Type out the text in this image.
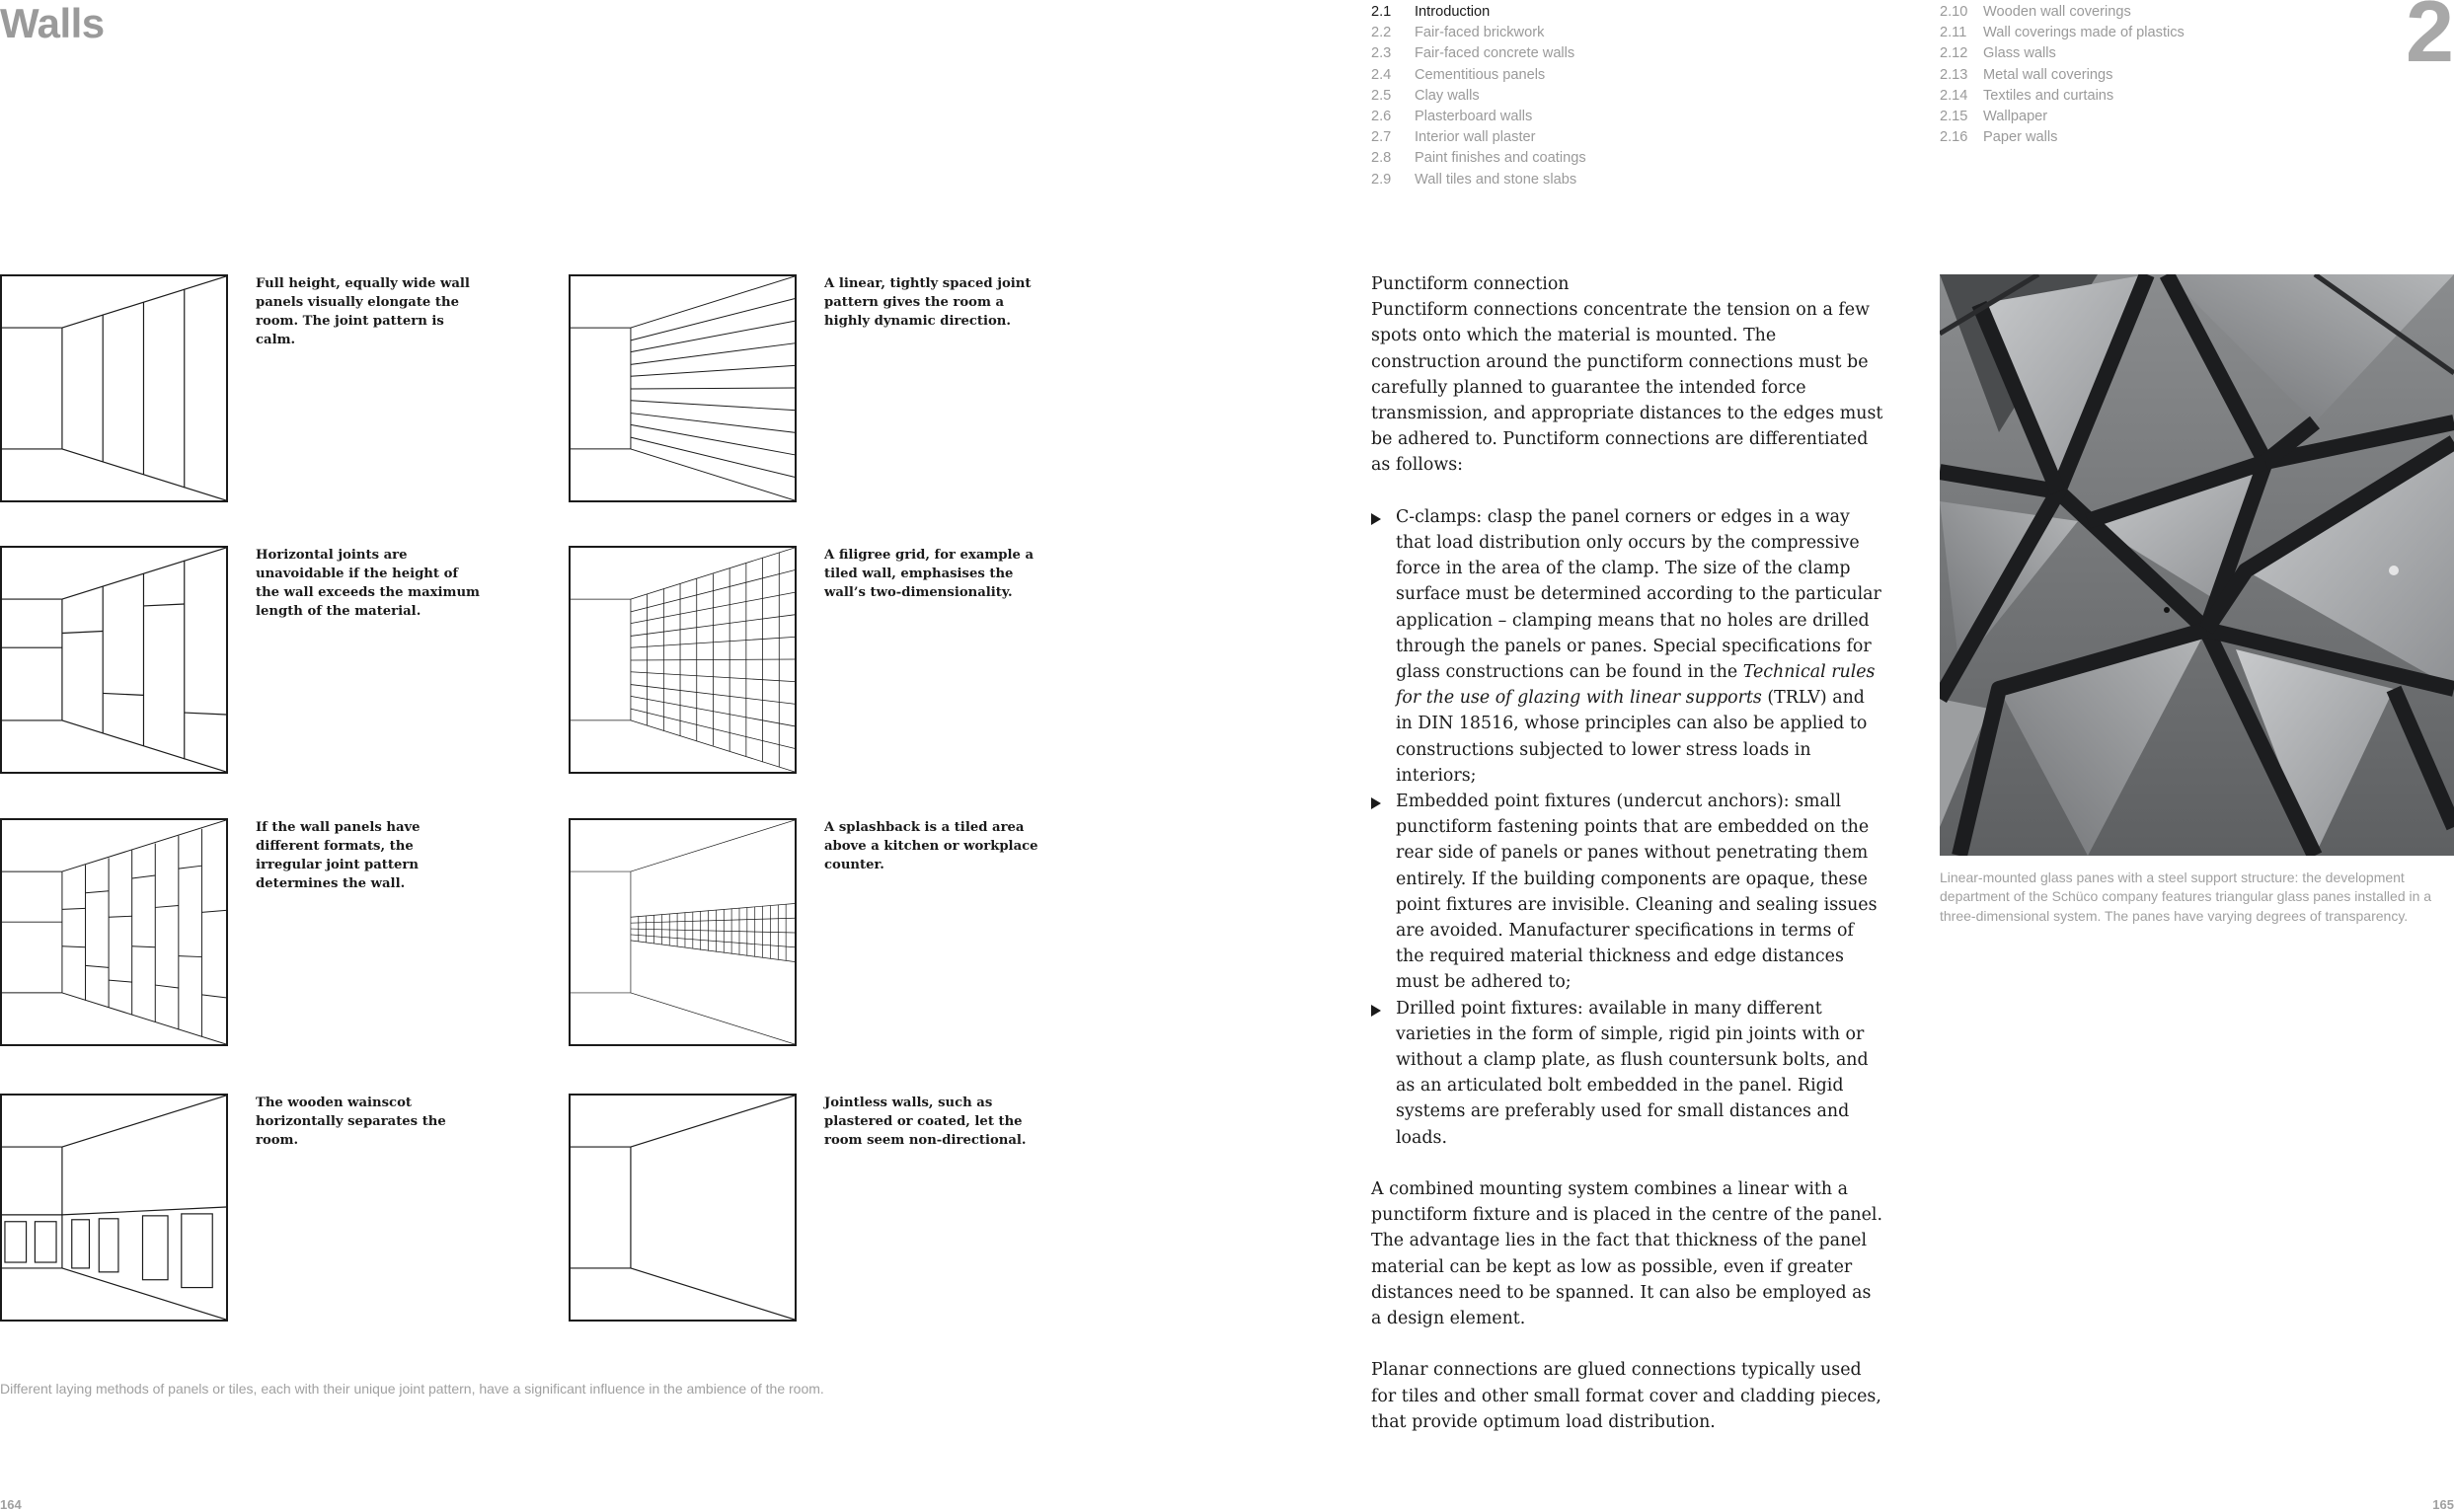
Walls	2
2.1	Introduction
2.2	Fair-faced brickwork
2.3	Fair-faced concrete walls
2.4	Cementitious panels
2.5	Clay walls
2.6	Plasterboard walls
2.7	Interior wall plaster
2.8	Paint finishes and coatings
2.9	Wall tiles and stone slabs
2.10	Wooden wall coverings
2.11	Wall coverings made of plastics
2.12	Glass walls
2.13	Metal wall coverings
2.14	Textiles and curtains
2.15	Wallpaper
2.16	Paper walls
Full height, equally wide wall panels visually elongate the room. The joint pattern is calm.
A linear, tightly spaced joint pattern gives the room a highly dynamic direction.
Horizontal joints are unavoidable if the height of the wall exceeds the maximum length of the material.
A filigree grid, for example a tiled wall, emphasises the wall’s two-dimensionality.
If the wall panels have different formats, the irregular joint pattern determines the wall.
A splashback is a tiled area above a kitchen or workplace counter.
The wooden wainscot horizontally separates the room.
Jointless walls, such as plastered or coated, let the room seem non-directional.
Different laying methods of panels or tiles, each with their unique joint pattern, have a significant influence in the ambience of the room.

Punctiform connection

Punctiform connections concentrate the tension on a few spots onto which the material is mounted. The construction around the punctiform connections must be carefully planned to guarantee the intended force transmission, and appropriate distances to the edges must be adhered to. Punctiform connections are differentiated as follows:

C-clamps: clasp the panel corners or edges in a way that load distribution only occurs by the compressive force in the area of the clamp. The size of the clamp surface must be determined according to the particular application – clamping means that no holes are drilled through the panels or panes. Special specifications for glass constructions can be found in the Technical rules for the use of glazing with linear supports (TRLV) and in DIN 18516, whose principles can also be applied to constructions subjected to lower stress loads in interiors;
Embedded point fixtures (undercut anchors): small punctiform fastening points that are embedded on the rear side of panels or panes without penetrating them entirely. If the building components are opaque, these point fixtures are invisible. Cleaning and sealing issues are avoided. Manufacturer specifications in terms of the required material thickness and edge distances must be adhered to;
Drilled point fixtures: available in many different varieties in the form of simple, rigid pin joints with or without a clamp plate, as flush countersunk bolts, and as an articulated bolt embedded in the panel. Rigid systems are preferably used for small distances and loads.

A combined mounting system combines a linear with a punctiform fixture and is placed in the centre of the panel. The advantage lies in the fact that thickness of the panel material can be kept as low as possible, even if greater distances need to be spanned. It can also be employed as a design element.

Planar connections are glued connections typically used for tiles and other small format cover and cladding pieces, that provide optimum load distribution.

Linear-mounted glass panes with a steel support structure: the development department of the Schüco company features triangular glass panes installed in a three-dimensional system. The panes have varying degrees of transparency.
164	165
